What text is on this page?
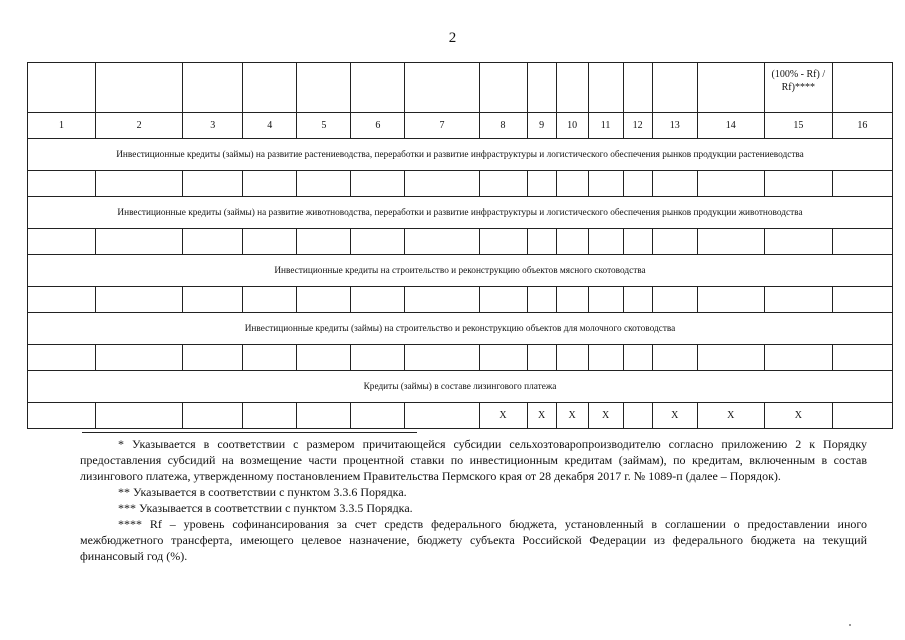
2
														(100% - Rf) / Rf)****	
1	2	3	4	5	6	7	8	9	10	11	12	13	14	15	16
Инвестиционные кредиты (займы) на развитие растениеводства, переработки и развитие инфраструктуры и логистического обеспечения рынков продукции растениеводства															

Инвестиционные кредиты (займы) на развитие животноводства, переработки и развитие инфраструктуры и логистического обеспечения рынков продукции животноводства															

Инвестиционные кредиты на строительство и реконструкцию объектов мясного скотоводства															

Инвестиционные кредиты (займы) на строительство и реконструкцию объектов для молочного скотоводства															

Кредиты (займы) в составе лизингового платежа															
							X	X	X	X		X	X	X	

* Указывается в соответствии с размером причитающейся субсидии сельхозтоваропроизводителю согласно приложению 2 к Порядку предоставления субсидий на возмещение части процентной ставки по инвестиционным кредитам (займам), по кредитам, включенным в состав лизингового платежа, утвержденному постановлением Правительства Пермского края от 28 декабря 2017 г. № 1089-п (далее – Порядок).

** Указывается в соответствии с пунктом 3.3.6 Порядка.

*** Указывается в соответствии с пунктом 3.3.5 Порядка.

**** Rf – уровень софинансирования за счет средств федерального бюджета, установленный в соглашении о предоставлении иного межбюджетного трансферта, имеющего целевое назначение, бюджету субъекта Российской Федерации из федерального бюджета на текущий финансовый год (%).
